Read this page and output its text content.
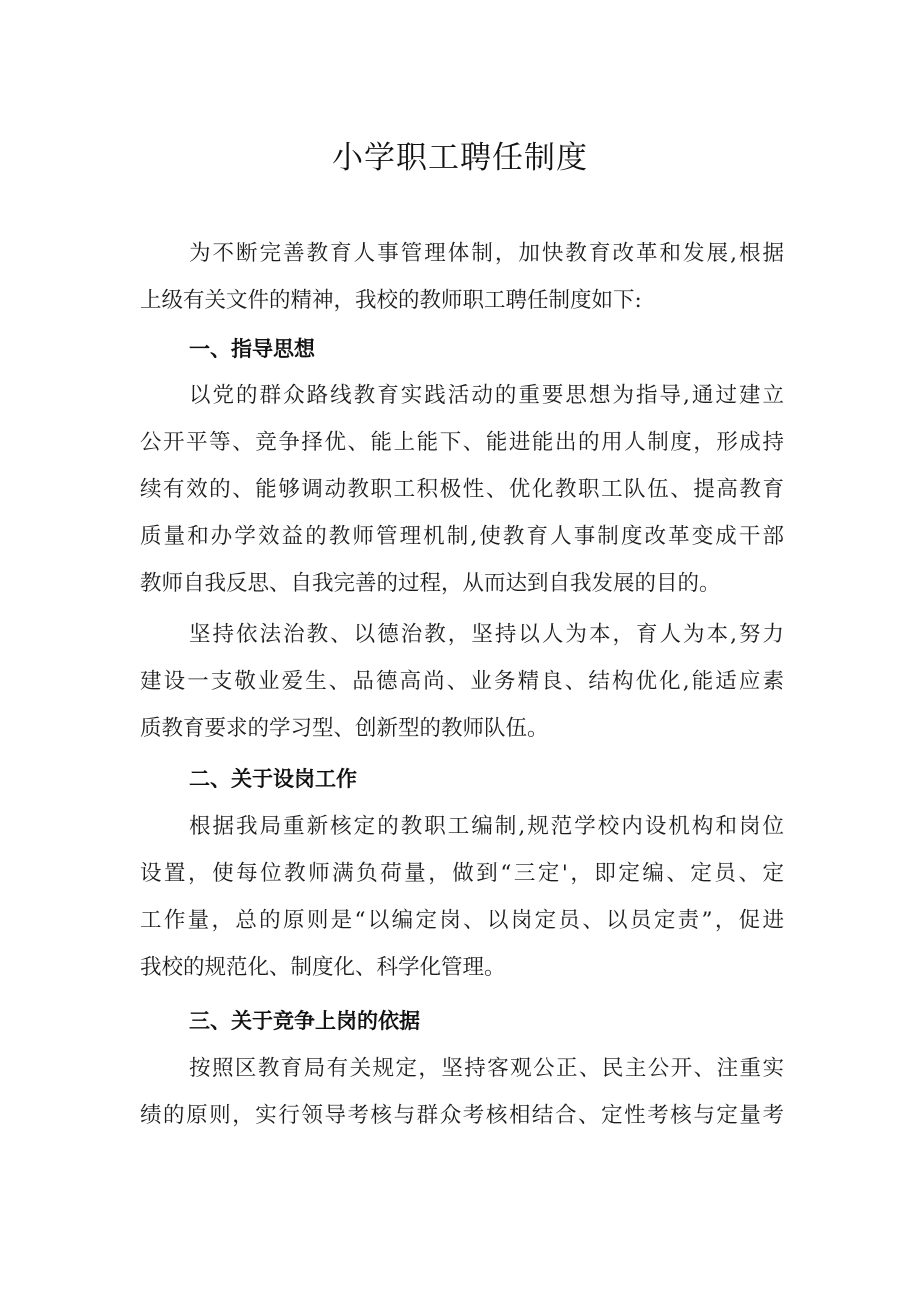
小学职工聘任制度
为不断完善教育人事管理体制，加快教育改革和发展,根据
上级有关文件的精神，我校的教师职工聘任制度如下:
一、指导思想
以党的群众路线教育实践活动的重要思想为指导,通过建立
公开平等、竞争择优、能上能下、能进能出的用人制度，形成持
续有效的、能够调动教职工积极性、优化教职工队伍、提高教育
质量和办学效益的教师管理机制,使教育人事制度改革变成干部
教师自我反思、自我完善的过程，从而达到自我发展的目的。
坚持依法治教、以德治教，坚持以人为本，育人为本,努力
建设一支敬业爱生、品德高尚、业务精良、结构优化,能适应素
质教育要求的学习型、创新型的教师队伍。
二、关于设岗工作
根据我局重新核定的教职工编制,规范学校内设机构和岗位
设置，使每位教师满负荷量，做到“三定'，即定编、定员、定
工作量，总的原则是“以编定岗、以岗定员、以员定责”，促进
我校的规范化、制度化、科学化管理。
三、关于竞争上岗的依据
按照区教育局有关规定，坚持客观公正、民主公开、注重实
绩的原则，实行领导考核与群众考核相结合、定性考核与定量考
